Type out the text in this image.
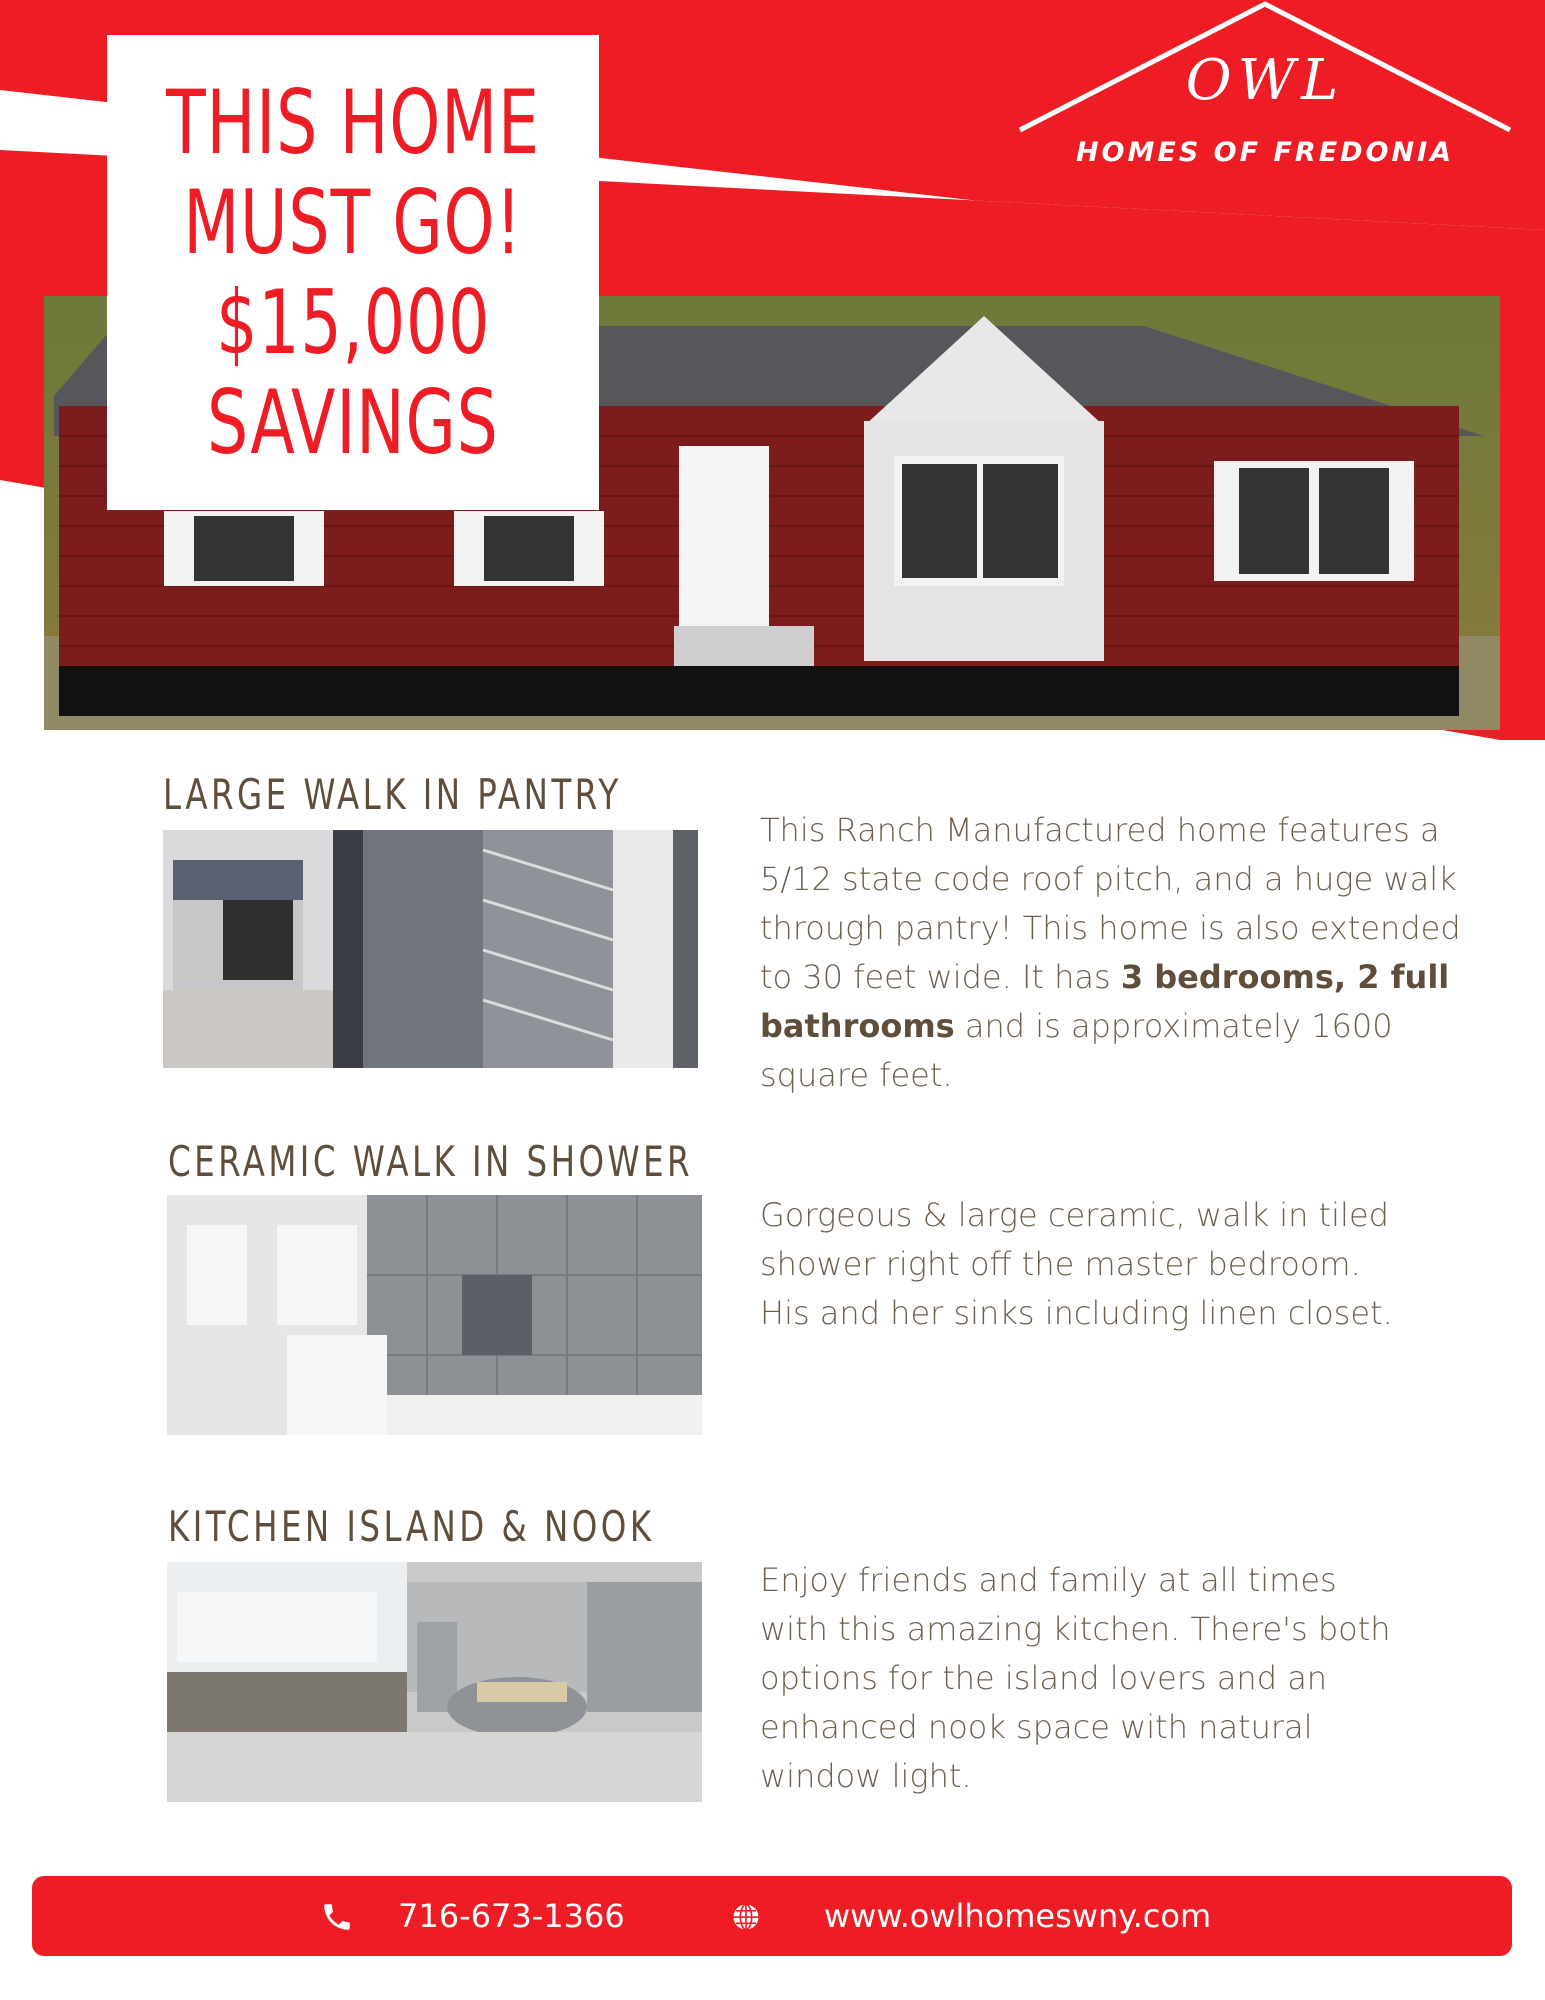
THIS HOME
MUST GO!
$15,000
SAVINGS
OWL
HOMES OF FREDONIA
LARGE WALK IN PANTRY
This Ranch Manufactured home features a 5/12 state code roof pitch, and a huge walk through pantry! This home is also extended to 30 feet wide. It has 3 bedrooms, 2 full bathrooms and is approximately 1600 square feet.
CERAMIC WALK IN SHOWER
Gorgeous & large ceramic, walk in tiled shower right off the master bedroom. His and her sinks including linen closet.
KITCHEN ISLAND & NOOK
Enjoy friends and family at all times with this amazing kitchen. There's both options for the island lovers and an enhanced nook space with natural window light.
716-673-1366	www.owlhomeswny.com
